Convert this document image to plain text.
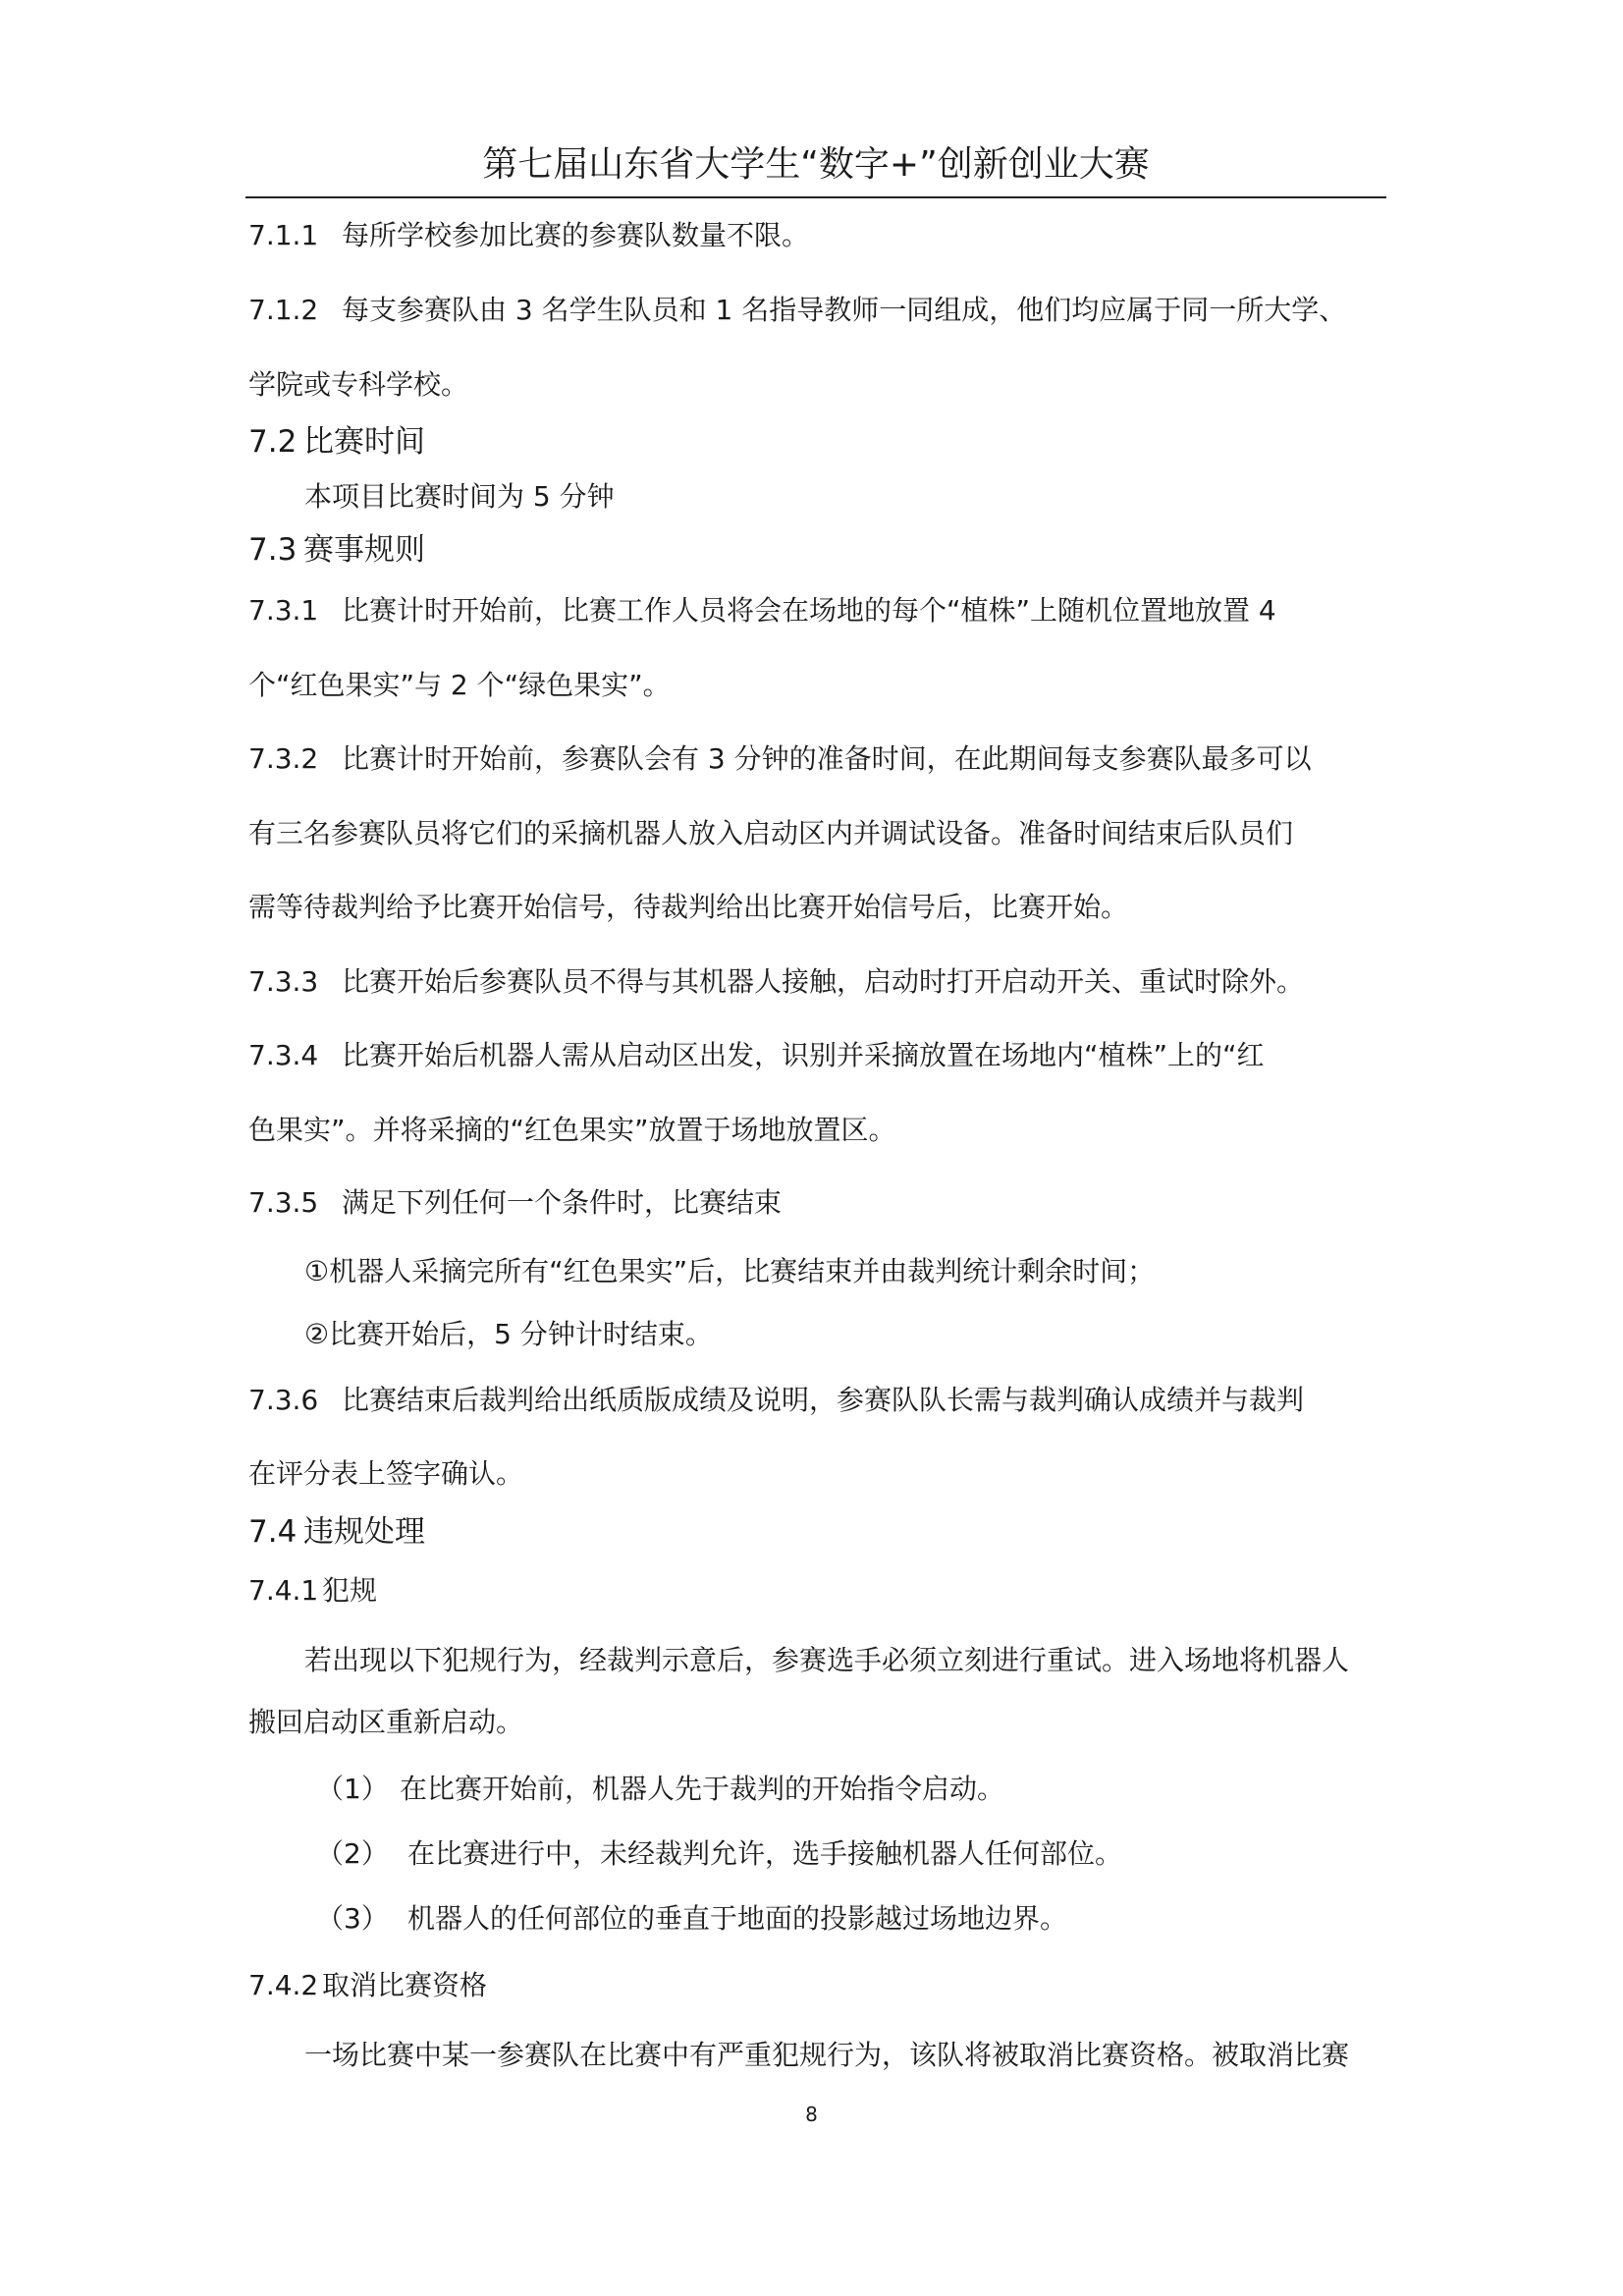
第七届山东省大学生“数字+”创新创业大赛
7.1.1 每所学校参加比赛的参赛队数量不限。
7.1.2 每支参赛队由 3 名学生队员和 1 名指导教师一同组成，他们均应属于同一所大学、
学院或专科学校。
7.2 比赛时间
本项目比赛时间为 5 分钟
7.3 赛事规则
7.3.1 比赛计时开始前，比赛工作人员将会在场地的每个“植株”上随机位置地放置 4
个“红色果实”与 2 个“绿色果实”。
7.3.2 比赛计时开始前，参赛队会有 3 分钟的准备时间，在此期间每支参赛队最多可以
有三名参赛队员将它们的采摘机器人放入启动区内并调试设备。准备时间结束后队员们
需等待裁判给予比赛开始信号，待裁判给出比赛开始信号后，比赛开始。
7.3.3 比赛开始后参赛队员不得与其机器人接触，启动时打开启动开关、重试时除外。
7.3.4 比赛开始后机器人需从启动区出发，识别并采摘放置在场地内“植株”上的“红
色果实”。并将采摘的“红色果实”放置于场地放置区。
7.3.5 满足下列任何一个条件时，比赛结束
①机器人采摘完所有“红色果实”后，比赛结束并由裁判统计剩余时间；
②比赛开始后，5 分钟计时结束。
7.3.6 比赛结束后裁判给出纸质版成绩及说明，参赛队队长需与裁判确认成绩并与裁判
在评分表上签字确认。
7.4 违规处理
7.4.1 犯规
若出现以下犯规行为，经裁判示意后，参赛选手必须立刻进行重试。进入场地将机器人
搬回启动区重新启动。
（1） 在比赛开始前，机器人先于裁判的开始指令启动。
（2） 在比赛进行中，未经裁判允许，选手接触机器人任何部位。
（3） 机器人的任何部位的垂直于地面的投影越过场地边界。
7.4.2 取消比赛资格
一场比赛中某一参赛队在比赛中有严重犯规行为，该队将被取消比赛资格。被取消比赛
8
